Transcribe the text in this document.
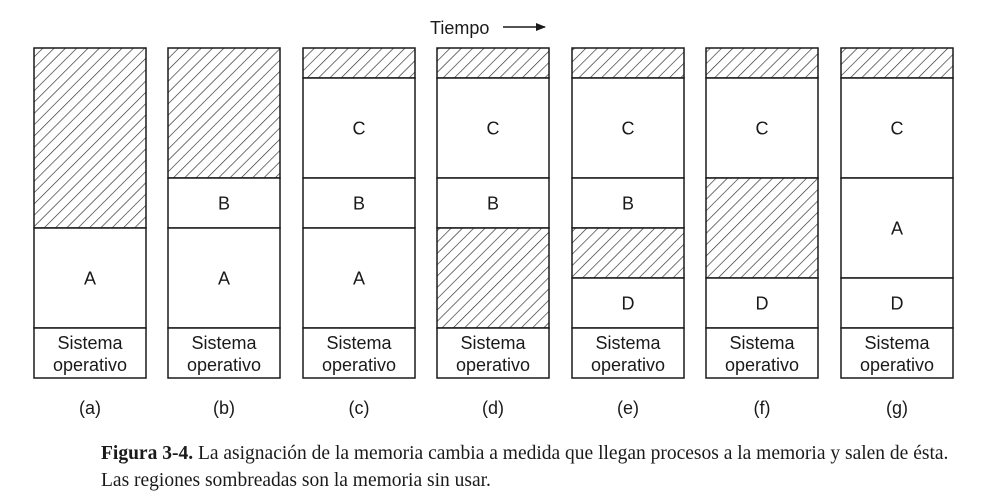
Tiempo
A
Sistema
operativo
(a)
B
A
Sistema
operativo
(b)
C
B
A
Sistema
operativo
(c)
C
B
Sistema
operativo
(d)
C
B
D
Sistema
operativo
(e)
C
D
Sistema
operativo
(f)
C
A
D
Sistema
operativo
(g)
Figura 3-4. La asignación de la memoria cambia a medida que llegan procesos a la memoria y salen de ésta. Las regiones sombreadas son la memoria sin usar.
